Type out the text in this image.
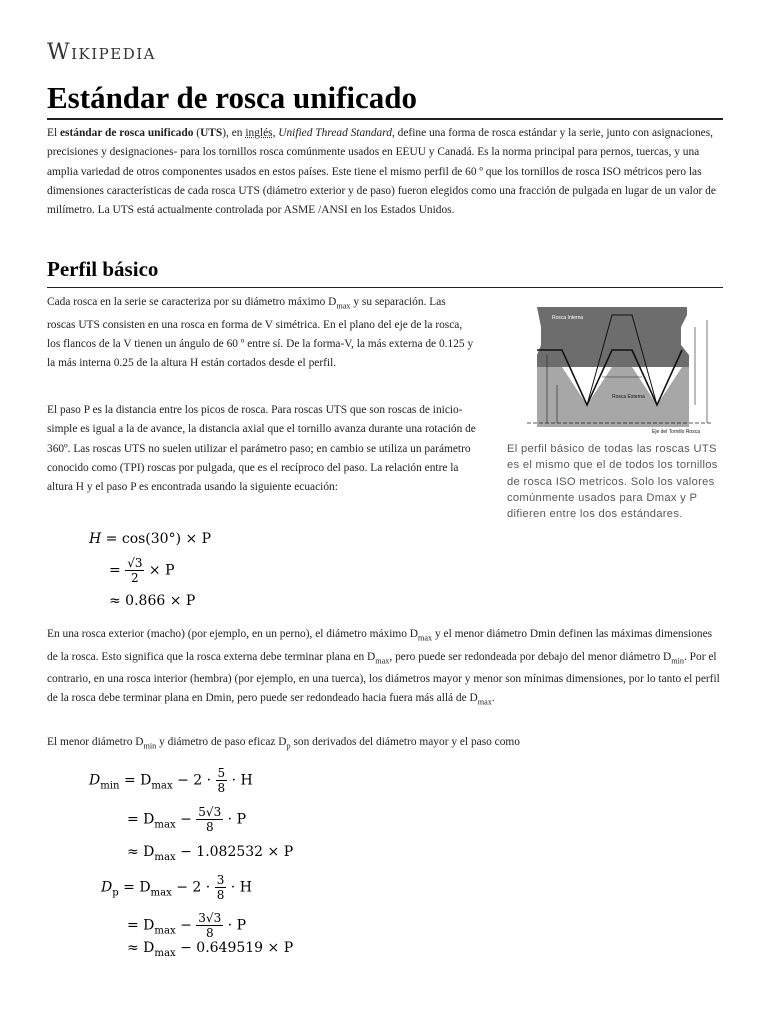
Wikipedia
Estándar de rosca unificado

El estándar de rosca unificado (UTS), en inglés, Unified Thread Standard, define una forma de rosca estándar y la serie, junto con asignaciones, precisiones y designaciones- para los tornillos rosca comúnmente usados en EEUU y Canadá. Es la norma principal para pernos, tuercas, y una amplia variedad de otros componentes usados en estos países. Este tiene el mismo perfil de 60 º que los tornillos de rosca ISO métricos pero las dimensiones características de cada rosca UTS (diámetro exterior y de paso) fueron elegidos como una fracción de pulgada en lugar de un valor de milímetro. La UTS está actualmente controlada por ASME /ANSI en los Estados Unidos.

Perfil básico

Cada rosca en la serie se caracteriza por su diámetro máximo $D_{max}$ y su separación. Las roscas UTS consisten en una rosca en forma de V simétrica. En el plano del eje de la rosca, los flancos de la V tienen un ángulo de 60 º entre sí. De la forma-V, la más externa de 0.125 y la más interna 0.25 de la altura H están cortados desde el perfil.

El paso P es la distancia entre los picos de rosca. Para roscas UTS que son roscas de inicio-simple es igual a la de avance, la distancia axial que el tornillo avanza durante una rotación de 360º. Las roscas UTS no suelen utilizar el parámetro paso; en cambio se utiliza un parámetro conocido como (TPI) roscas por pulgada, que es el recíproco del paso. La relación entre la altura H y el paso P es encontrada usando la siguiente ecuación:

H = cos(30°) × P
= $\frac{√3}{2} \times P$
≈ 0.866 × P
Rosca Interna
Rosca Externa
Eje del Tornillo Rosca
El perfil básico de todas las roscas UTS es el mismo que el de todos los tornillos de rosca ISO metricos. Solo los valores comúnmente usados para Dmax y P difieren entre los dos estándares.

En una rosca exterior (macho) (por ejemplo, en un perno), el diámetro máximo $D_{max}$ y el menor diámetro Dmin definen las máximas dimensiones de la rosca. Esto significa que la rosca externa debe terminar plana en $D_{max}$, pero puede ser redondeada por debajo del menor diámetro $D_{min}$. Por el contrario, en una rosca interior (hembra) (por ejemplo, en una tuerca), los diámetros mayor y menor son mínimas dimensiones, por lo tanto el perfil de la rosca debe terminar plana en Dmin, pero puede ser redondeado hacia fuera más allá de $D_{max}$.

El menor diámetro $D_{min}$ y diámetro de paso eficaz $D_p$ son derivados del diámetro mayor y el paso como

$D_{min} = D_{max} - 2 \cdot \frac{5}{8} \cdot H$
= $D_{max} - \frac{5√3}{8} \cdot P$
≈ $D_{max} - 1.082532 \times P$
$D_p = D_{max} - 2 \cdot \frac{3}{8} \cdot H$
= $D_{max} - \frac{3√3}{8} \cdot P$
≈ $D_{max} - 0.649519 \times P$
